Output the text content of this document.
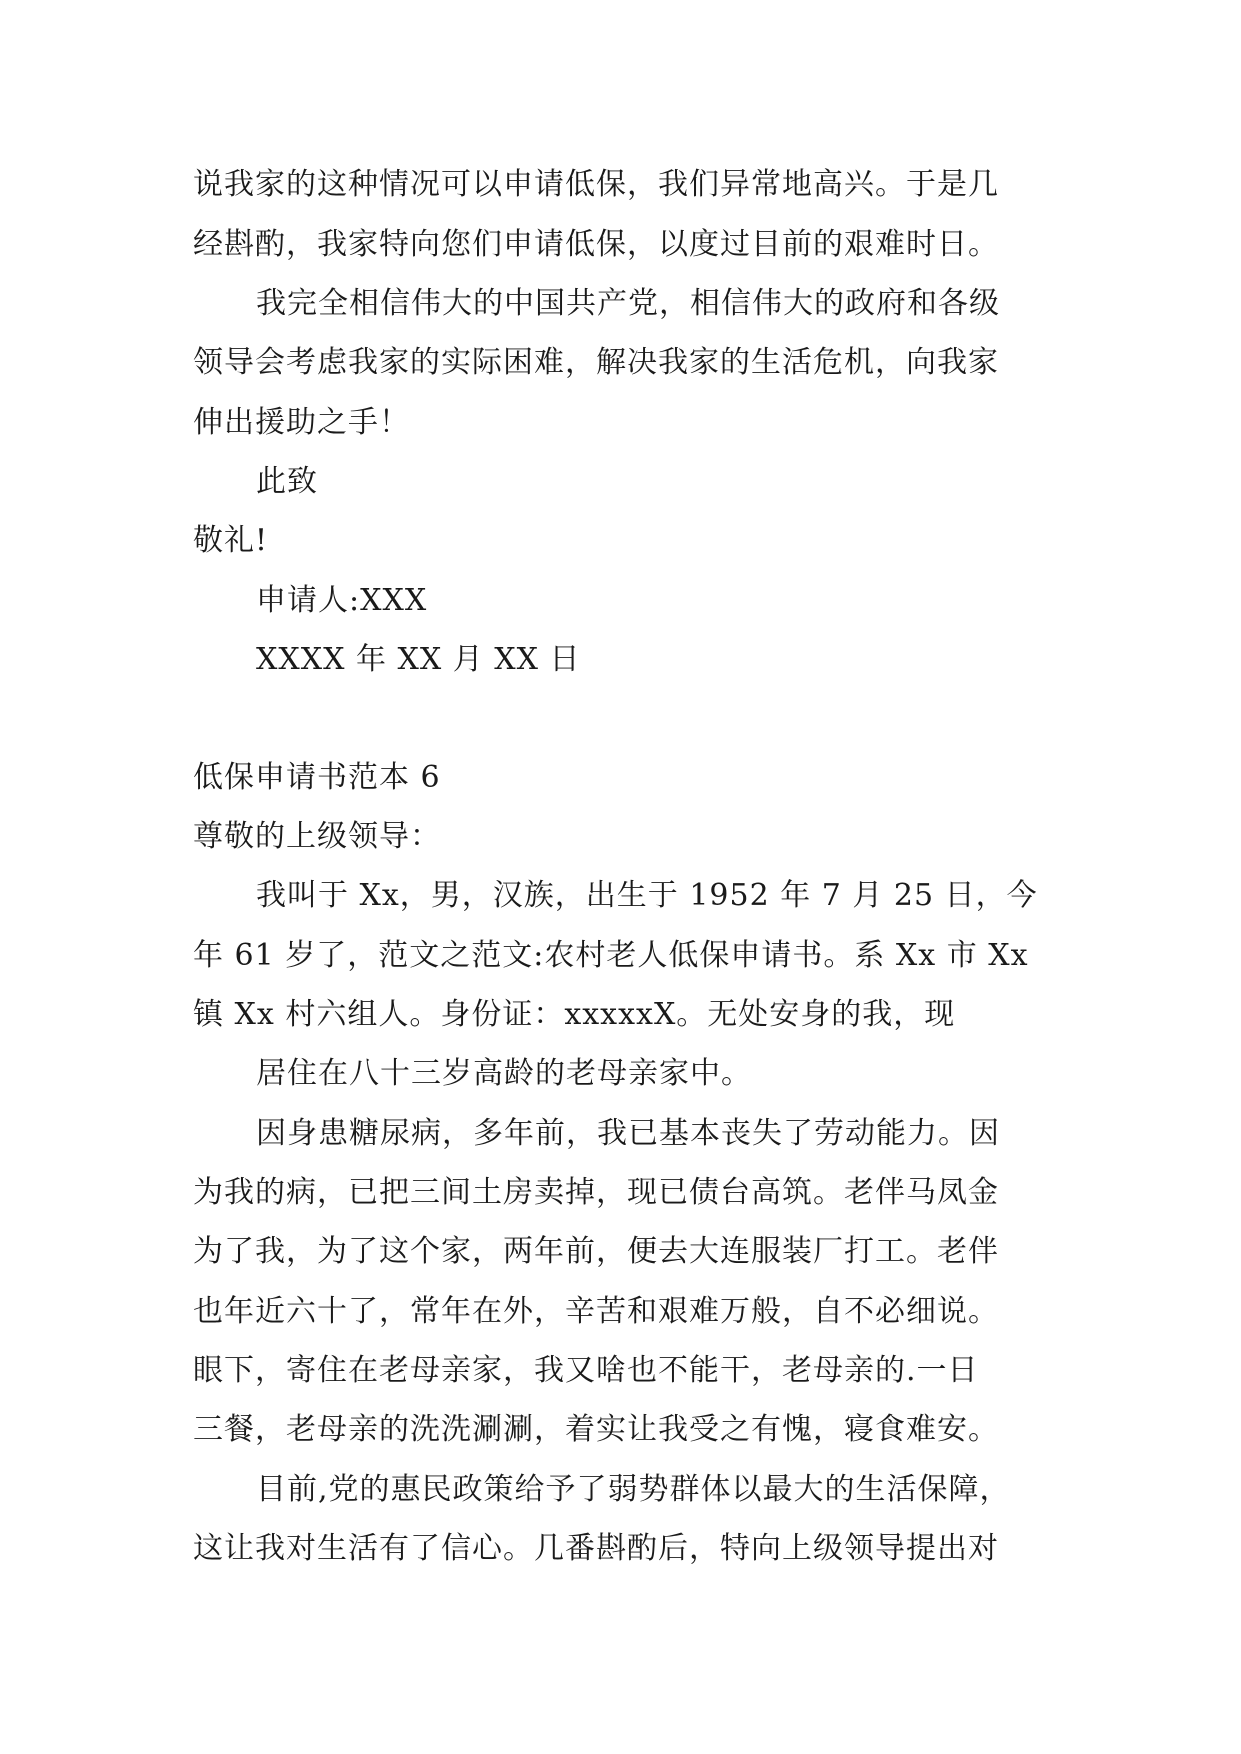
说我家的这种情况可以申请低保，我们异常地高兴。于是几
经斟酌，我家特向您们申请低保，以度过目前的艰难时日。
我完全相信伟大的中国共产党，相信伟大的政府和各级
领导会考虑我家的实际困难，解决我家的生活危机，向我家
伸出援助之手！
此致
敬礼!
申请人:XXX
XXXX 年 XX 月 XX 日
低保申请书范本 6
尊敬的上级领导：
我叫于 Xx，男，汉族，出生于 1952 年 7 月 25 日，今
年 61 岁了，范文之范文:农村老人低保申请书。系 Xx 市 Xx
镇 Xx 村六组人。身份证：xxxxxX。无处安身的我，现
居住在八十三岁高龄的老母亲家中。
因身患糖尿病，多年前，我已基本丧失了劳动能力。因
为我的病，已把三间土房卖掉，现已债台高筑。老伴马凤金
为了我，为了这个家，两年前，便去大连服装厂打工。老伴
也年近六十了，常年在外，辛苦和艰难万般，自不必细说。
眼下，寄住在老母亲家，我又啥也不能干，老母亲的.一日
三餐，老母亲的洗洗涮涮，着实让我受之有愧，寝食难安。
目前,党的惠民政策给予了弱势群体以最大的生活保障，
这让我对生活有了信心。几番斟酌后，特向上级领导提出对
